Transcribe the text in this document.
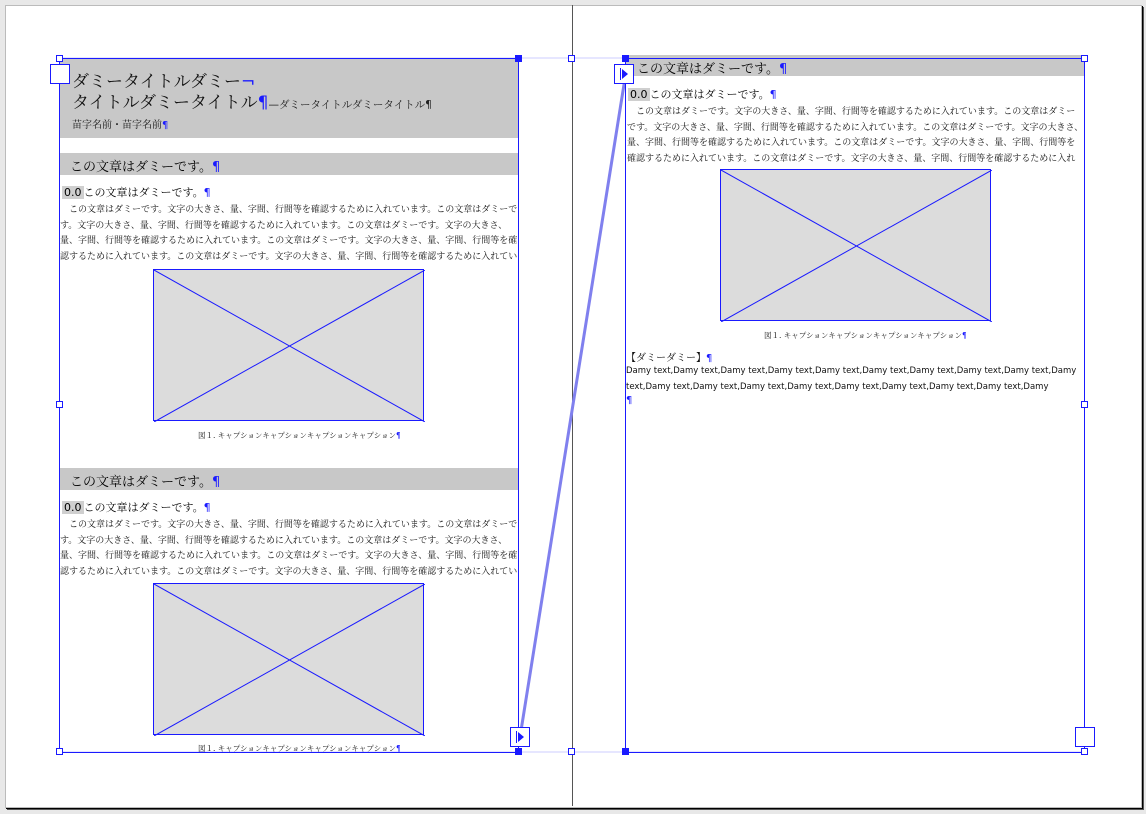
ダミータイトルダミー¬
タイトルダミータイトル¶—ダミータイトルダミータイトル¶
苗字名前・苗字名前¶
この文章はダミーです。¶
0.0 この文章はダミーです。¶
　この文章はダミーです。文字の大きさ、量、字間、行間等を確認するために入れています。この文章はダミーです。文字の大きさ、量、字間、行間等を確認するために入れています。この文章はダミーです。文字の大きさ、量、字間、行間等を確認するために入れています。この文章はダミーです。文字の大きさ、量、字間、行間等を確認するために入れています。この文章はダミーです。文字の大きさ、量、字間、行間等を確認するために入れてい
図１. キャプションキャプションキャプションキャプション¶
この文章はダミーです。¶
0.0 この文章はダミーです。¶
　この文章はダミーです。文字の大きさ、量、字間、行間等を確認するために入れています。この文章はダミーです。文字の大きさ、量、字間、行間等を確認するために入れています。この文章はダミーです。文字の大きさ、量、字間、行間等を確認するために入れています。この文章はダミーです。文字の大きさ、量、字間、行間等を確認するために入れています。この文章はダミーです。文字の大きさ、量、字間、行間等を確認するために入れてい
図１. キャプションキャプションキャプションキャプション¶
この文章はダミーです。¶
0.0 この文章はダミーです。¶
　この文章はダミーです。文字の大きさ、量、字間、行間等を確認するために入れています。この文章はダミーです。文字の大きさ、量、字間、行間等を確認するために入れています。この文章はダミーです。文字の大きさ、量、字間、行間等を確認するために入れています。この文章はダミーです。文字の大きさ、量、字間、行間等を確認するために入れています。この文章はダミーです。文字の大きさ、量、字間、行間等を確認するために入れ
図１. キャプションキャプションキャプションキャプション¶
【ダミーダミー】¶
Damy text,Damy text,Damy text,Damy text,Damy text,Damy text,Damy text,Damy text,Damy text,Damy text,Damy text,Damy text,Damy text,Damy text,Damy text,Damy text,Damy text,Damy text,Damy
¶
